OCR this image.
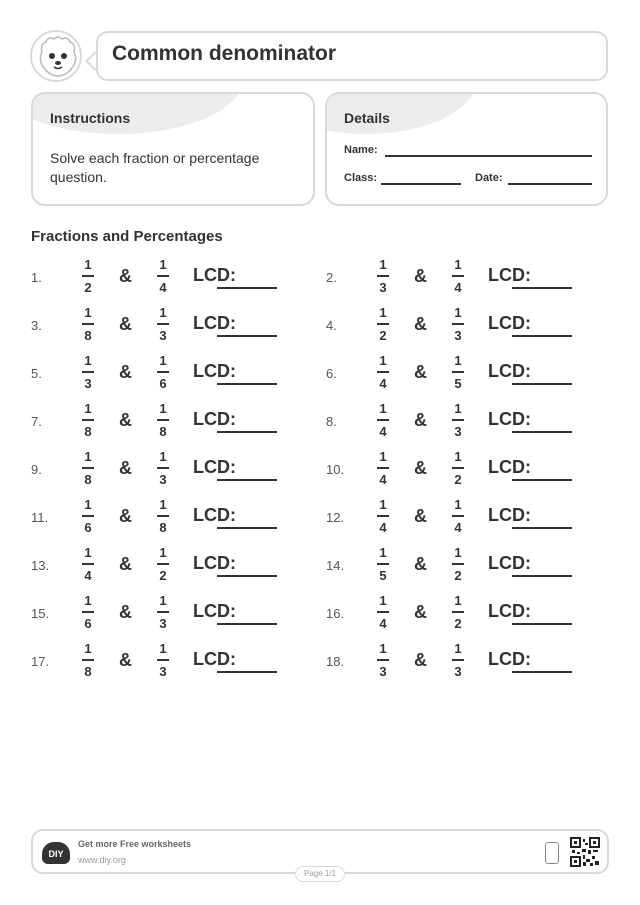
Common denominator
Instructions
Solve each fraction or percentage question.
Details
Name:
Class:	Date:
Fractions and Percentages
1.
1
2
&
1
4
LCD:	2.
1
3
&
1
4
LCD:
3.
1
8
&
1
3
LCD:	4.
1
2
&
1
3
LCD:
5.
1
3
&
1
6
LCD:	6.
1
4
&
1
5
LCD:
7.
1
8
&
1
8
LCD:	8.
1
4
&
1
3
LCD:
9.
1
8
&
1
3
LCD:	10.
1
4
&
1
2
LCD:
11.
1
6
&
1
8
LCD:	12.
1
4
&
1
4
LCD:
13.
1
4
&
1
2
LCD:	14.
1
5
&
1
2
LCD:
15.
1
6
&
1
3
LCD:	16.
1
4
&
1
2
LCD:
17.
1
8
&
1
3
LCD:	18.
1
3
&
1
3
LCD:
DIY
Get more Free worksheets
www.diy.org
Page 1/1
